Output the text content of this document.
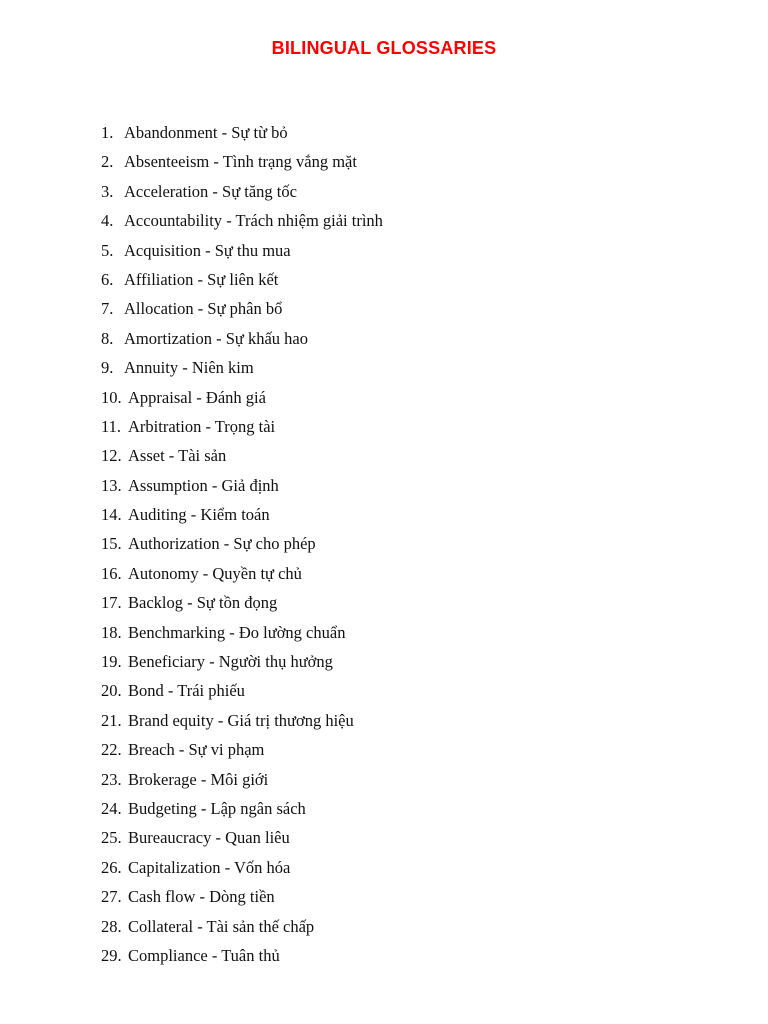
BILINGUAL GLOSSARIES
1. Abandonment - Sự từ bỏ
2. Absenteeism - Tình trạng vắng mặt
3. Acceleration - Sự tăng tốc
4. Accountability - Trách nhiệm giải trình
5. Acquisition - Sự thu mua
6. Affiliation - Sự liên kết
7. Allocation - Sự phân bổ
8. Amortization - Sự khấu hao
9. Annuity - Niên kim
10. Appraisal - Đánh giá
11. Arbitration - Trọng tài
12. Asset - Tài sản
13. Assumption - Giả định
14. Auditing - Kiểm toán
15. Authorization - Sự cho phép
16. Autonomy - Quyền tự chủ
17. Backlog - Sự tồn đọng
18. Benchmarking - Đo lường chuẩn
19. Beneficiary - Người thụ hưởng
20. Bond - Trái phiếu
21. Brand equity - Giá trị thương hiệu
22. Breach - Sự vi phạm
23. Brokerage - Môi giới
24. Budgeting - Lập ngân sách
25. Bureaucracy - Quan liêu
26. Capitalization - Vốn hóa
27. Cash flow - Dòng tiền
28. Collateral - Tài sản thế chấp
29. Compliance - Tuân thủ
